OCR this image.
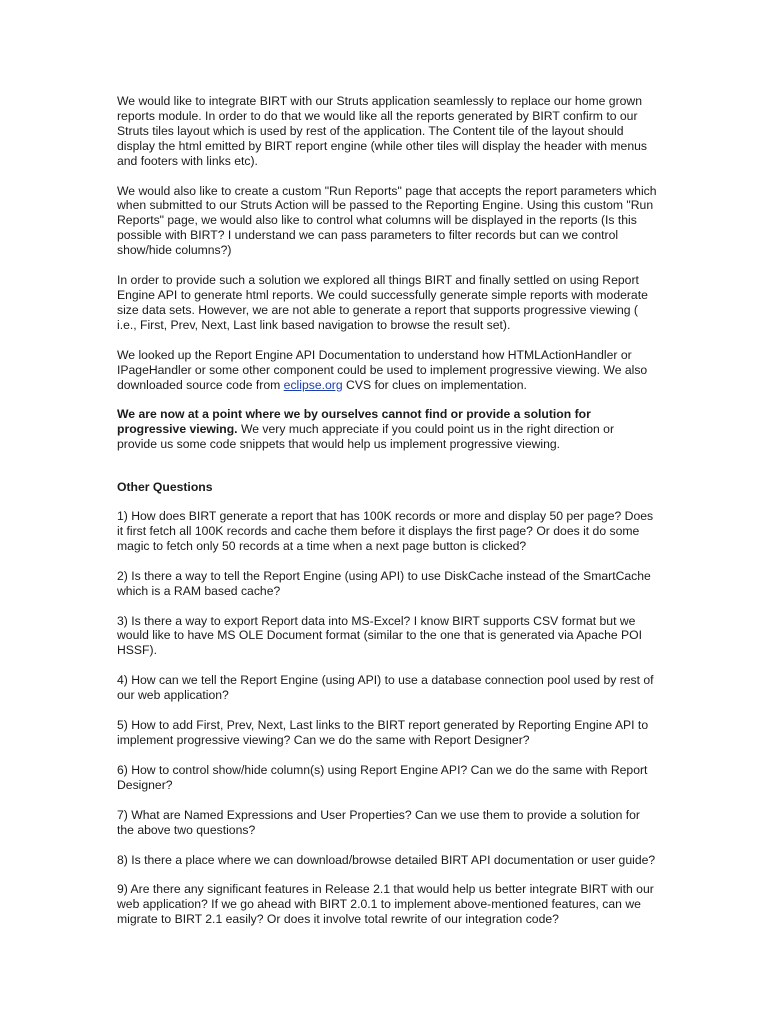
We would like to integrate BIRT with our Struts application seamlessly to replace our home grown reports module. In order to do that we would like all the reports generated by BIRT confirm to our Struts tiles layout which is used by rest of the application. The Content tile of the layout should display the html emitted by BIRT report engine (while other tiles will display the header with menus and footers with links etc).

We would also like to create a custom "Run Reports" page that accepts the report parameters which when submitted to our Struts Action will be passed to the Reporting Engine. Using this custom "Run Reports" page, we would also like to control what columns will be displayed in the reports (Is this possible with BIRT? I understand we can pass parameters to filter records but can we control show/hide columns?)

In order to provide such a solution we explored all things BIRT and finally settled on using Report Engine API to generate html reports. We could successfully generate simple reports with moderate size data sets. However, we are not able to generate a report that supports progressive viewing ( i.e., First, Prev, Next, Last link based navigation to browse the result set).

We looked up the Report Engine API Documentation to understand how HTMLActionHandler or IPageHandler or some other component could be used to implement progressive viewing. We also downloaded source code from eclipse.org CVS for clues on implementation.

We are now at a point where we by ourselves cannot find or provide a solution for progressive viewing. We very much appreciate if you could point us in the right direction or provide us some code snippets that would help us implement progressive viewing.

Other Questions

1) How does BIRT generate a report that has 100K records or more and display 50 per page? Does it first fetch all 100K records and cache them before it displays the first page? Or does it do some magic to fetch only 50 records at a time when a next page button is clicked?

2) Is there a way to tell the Report Engine (using API) to use DiskCache instead of the SmartCache which is a RAM based cache?

3) Is there a way to export Report data into MS-Excel? I know BIRT supports CSV format but we would like to have MS OLE Document format (similar to the one that is generated via Apache POI HSSF).

4) How can we tell the Report Engine (using API) to use a database connection pool used by rest of our web application?

5) How to add First, Prev, Next, Last links to the BIRT report generated by Reporting Engine API to implement progressive viewing? Can we do the same with Report Designer?

6) How to control show/hide column(s) using Report Engine API? Can we do the same with Report Designer?

7) What are Named Expressions and User Properties? Can we use them to provide a solution for the above two questions?

8) Is there a place where we can download/browse detailed BIRT API documentation or user guide?

9) Are there any significant features in Release 2.1 that would help us better integrate BIRT with our web application? If we go ahead with BIRT 2.0.1 to implement above-mentioned features, can we migrate to BIRT 2.1 easily? Or does it involve total rewrite of our integration code?
